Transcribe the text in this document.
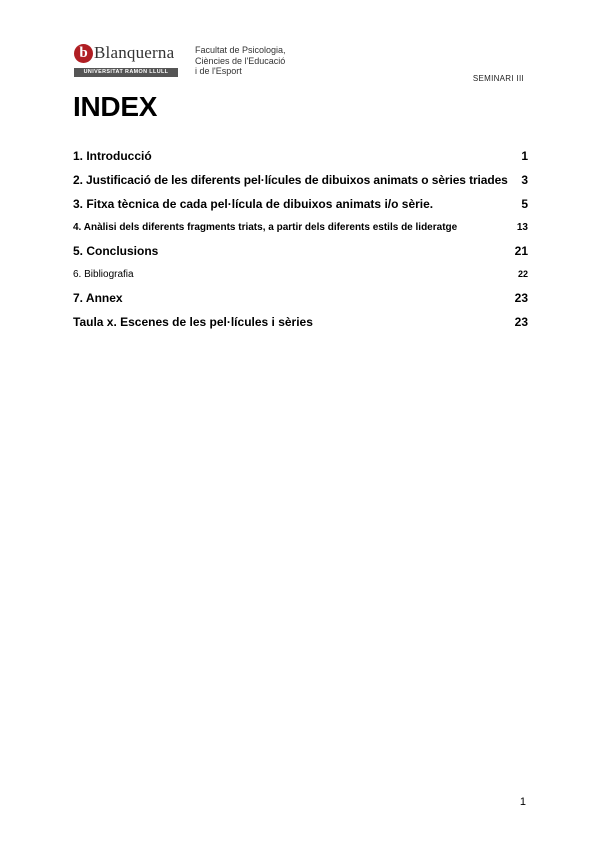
b Blanquerna
UNIVERSITAT RAMON LLULL
Facultat de Psicologia,
Ciències de l'Educació
i de l'Esport
SEMINARI III
INDEX
1. Introducció	1
2. Justificació de les diferents pel·lícules de dibuixos animats o sèries triades 3
3. Fitxa tècnica de cada pel·lícula de dibuixos animats i/o sèrie.	5
4. Anàlisi dels diferents fragments triats, a partir dels diferents estils de lideratge	13
5. Conclusions	21
6. Bibliografia	22
7. Annex	23
Taula x. Escenes de les pel·lícules i sèries	23
1
